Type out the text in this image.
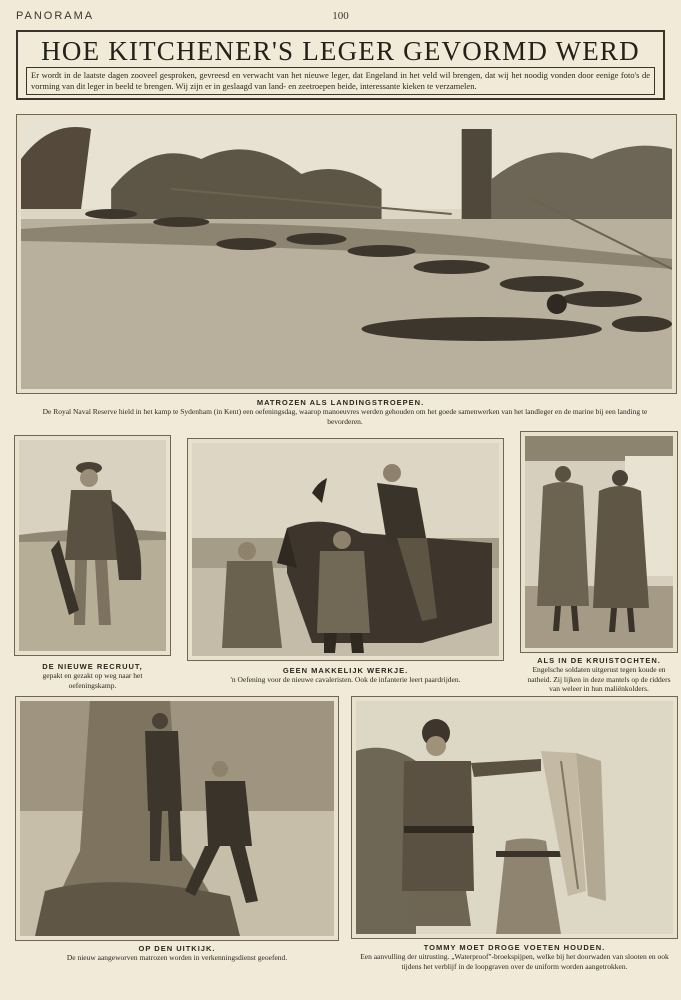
PANORAMA	100
HOE KITCHENER'S LEGER GEVORMD WERD
Er wordt in de laatste dagen zooveel gesproken, gevreesd en verwacht van het nieuwe leger, dat Engeland in het veld wil brengen, dat wij het noodig vonden door eenige foto's de vorming van dit leger in beeld te brengen. Wij zijn er in geslaagd van land- en zeetroepen beide, interessante kieken te verzamelen.
MATROZEN ALS LANDINGSTROEPEN.
De Royal Naval Reserve hield in het kamp te Sydenham (in Kent) een oefeningsdag, waarop manoeuvres werden gehouden om het goede samenwerken van het landleger en de marine bij een landing te bevorderen.
DE NIEUWE RECRUUT,
gepakt en gezakt op weg naar het oefeningskamp.
GEEN MAKKELIJK WERKJE.
'n Oefening voor de nieuwe cavaleristen. Ook de infanterie leert paardrijden.
ALS IN DE KRUISTOCHTEN.
Engelsche soldaten uitgerust tegen koude en natheid. Zij lijken in deze mantels op de ridders van weleer in hun maliënkolders.
OP DEN UITKIJK.
De nieuw aangeworven matrozen worden in verkenningsdienst geoefend.
TOMMY MOET DROGE VOETEN HOUDEN.
Een aanvulling der uitrusting. „Waterproof"-broekspijpen, welke bij het doorwaden van slooten en ook tijdens het verblijf in de loopgraven over de uniform worden aangetrokken.
